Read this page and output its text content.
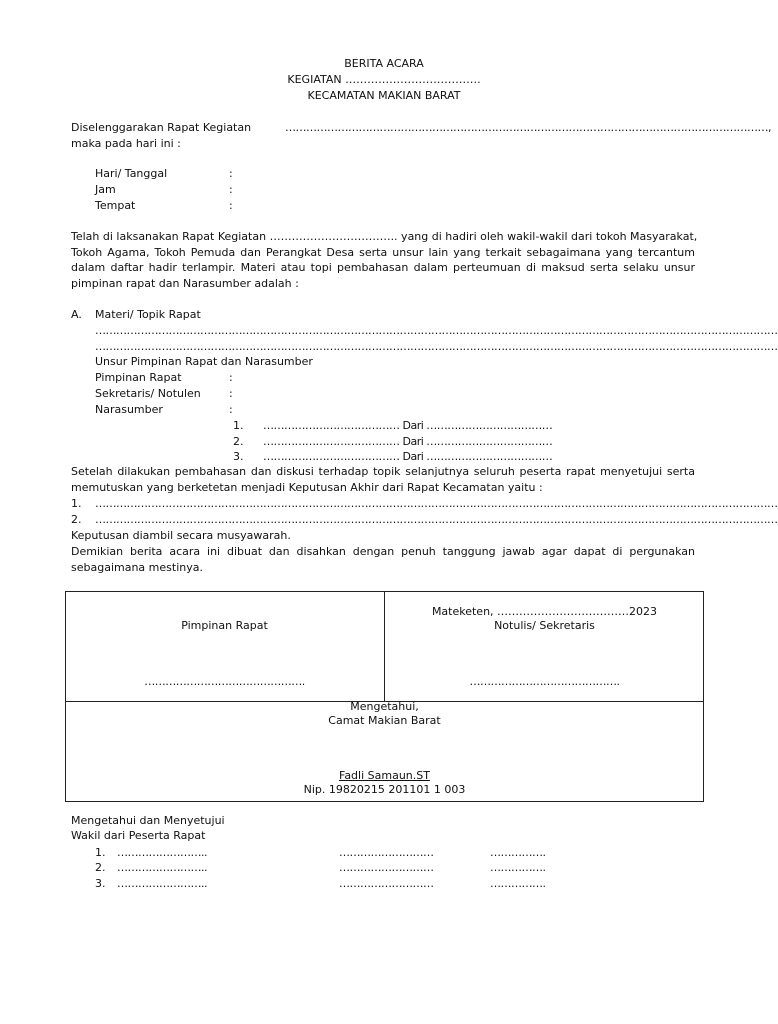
BERITA ACARA
KEGIATAN ……………………………….
KECAMATAN MAKIAN BARAT
Diselenggarakan Rapat Kegiatan	…………………………………………………………………………………………………………………………,
maka pada hari ini :
Hari/ Tanggal	:
Jam	:
Tempat	:
Telah di laksanakan Rapat Kegiatan …………………………….. yang di hadiri oleh wakil-wakil dari tokoh Masyarakat,
Tokoh Agama, Tokoh Pemuda dan Perangkat Desa serta unsur lain yang terkait sebagaimana yang tercantum
dalam daftar hadir terlampir. Materi atau topi pembahasan dalam perteumuan di maksud serta selaku unsur
pimpinan rapat dan Narasumber adalah :
A. Materi/ Topik Rapat
……………………………………………………………………………………………………………………………………………………………………………
……………………………………………………………………………………………………………………………………………………………………………
Unsur Pimpinan Rapat dan Narasumber
Pimpinan Rapat	:
Sekretaris/ Notulen	:
Narasumber	:
1. ………………………………… Dari ………………………………
2. ………………………………… Dari ………………………………
3. ………………………………… Dari ………………………………
Setelah dilakukan pembahasan dan diskusi terhadap topik selanjutnya seluruh peserta rapat menyetujui serta
memutuskan yang berketetan menjadi Keputusan Akhir dari Rapat Kecamatan yaitu :
1. ……………………………………………………………………………………………………………………………………………………………………………
2. ……………………………………………………………………………………………………………………………………………………………………………
Keputusan diambil secara musyawarah.
Demikian berita acara ini dibuat dan disahkan dengan penuh tanggung jawab agar dapat di pergunakan
sebagaimana mestinya.
Pimpinan Rapat
……………………………………….
Mateketen, ………………………………2023
Notulis/ Sekretaris
…………………………………….
Mengetahui,
Camat Makian Barat
Fadli Samaun.ST
Nip. 19820215 201101 1 003
Mengetahui dan Menyetujui
Wakil dari Peserta Rapat
1. ……………………..	………………………	…………….
2. ……………………..	………………………	…………….
3. ……………………..	………………………	…………….
